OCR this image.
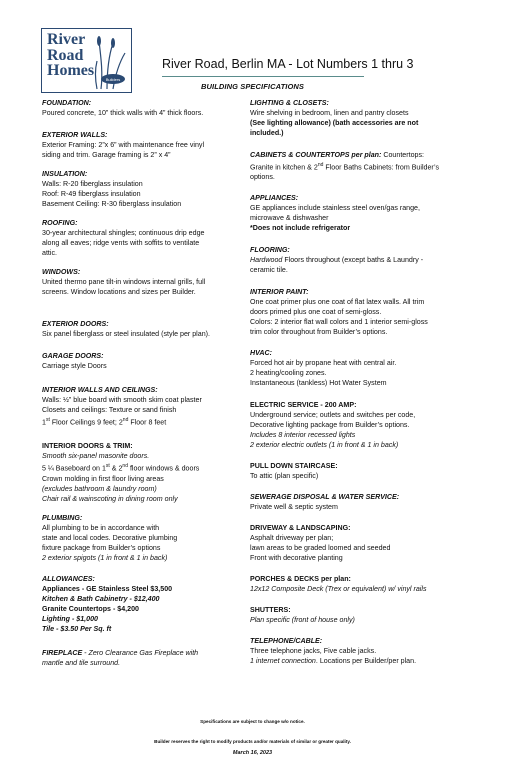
River
Road
Homes
Builders
River Road, Berlin MA - Lot Numbers 1 thru 3
BUILDING SPECIFICATIONS
FOUNDATION:
Poured concrete, 10” thick walls with 4” thick floors.
EXTERIOR WALLS:
Exterior Framing: 2”x 6” with maintenance free vinyl
siding and trim. Garage framing is 2” x 4”
INSULATION:
Walls: R-20 fiberglass insulation
Roof: R-49 fiberglass insulation
Basement Ceiling: R-30 fiberglass insulation
ROOFING:
30-year architectural shingles; continuous drip edge
along all eaves; ridge vents with soffits to ventilate
attic.
WINDOWS:
United thermo pane tilt-in windows internal grills, full
screens. Window locations and sizes per Builder.
EXTERIOR DOORS:
Six panel fiberglass or steel insulated (style per plan).
GARAGE DOORS:
Carriage style Doors
INTERIOR WALLS AND CEILINGS:
Walls: ½” blue board with smooth skim coat plaster
Closets and ceilings: Texture or sand finish
1st Floor Ceilings 9 feet; 2nd Floor 8 feet
INTERIOR DOORS & TRIM:
Smooth six-panel masonite doors.
5 ¼ Baseboard on 1st & 2nd floor windows & doors
Crown molding in first floor living areas
(excludes bathroom & laundry room)
Chair rail & wainscoting in dining room only
PLUMBING:
All plumbing to be in accordance with
state and local codes. Decorative plumbing
fixture package from Builder’s options
2 exterior spigots (1 in front & 1 in back)
ALLOWANCES:
Appliances - GE Stainless Steel $3,500
Kitchen & Bath Cabinetry - $12,400
Granite Countertops - $4,200
Lighting - $1,000
Tile - $3.50 Per Sq. ft
FIREPLACE - Zero Clearance Gas Fireplace with
mantle and tile surround.
LIGHTING & CLOSETS:
Wire shelving in bedroom, linen and pantry closets
(See lighting allowance) (bath accessories are not
included.)
CABINETS & COUNTERTOPS per plan: Countertops:
Granite in kitchen & 2nd Floor Baths Cabinets: from Builder’s
options.
APPLIANCES:
GE appliances include stainless steel oven/gas range,
microwave & dishwasher
*Does not include refrigerator
FLOORING:
Hardwood Floors throughout (except baths & Laundry -
ceramic tile.
INTERIOR PAINT:
One coat primer plus one coat of flat latex walls. All trim
doors primed plus one coat of semi-gloss.
Colors: 2 interior flat wall colors and 1 interior semi-gloss
trim color throughout from Builder’s options.
HVAC:
Forced hot air by propane heat with central air.
2 heating/cooling zones.
Instantaneous (tankless) Hot Water System
ELECTRIC SERVICE - 200 AMP:
Underground service; outlets and switches per code,
Decorative lighting package from Builder’s options.
Includes 8 interior recessed lights
2 exterior electric outlets (1 in front & 1 in back)
PULL DOWN STAIRCASE:
To attic (plan specific)
SEWERAGE DISPOSAL & WATER SERVICE:
Private well & septic system
DRIVEWAY & LANDSCAPING:
Asphalt driveway per plan;
lawn areas to be graded loomed and seeded
Front with decorative planting
PORCHES & DECKS per plan:
12x12 Composite Deck (Trex or equivalent) w/ vinyl rails
SHUTTERS:
Plan specific (front of house only)
TELEPHONE/CABLE:
Three telephone jacks, Five cable jacks.
1 internet connection. Locations per Builder/per plan.
Specifications are subject to change w/o notice.
Builder reserves the right to modify products and/or materials of similar or greater quality.
March 16, 2023
